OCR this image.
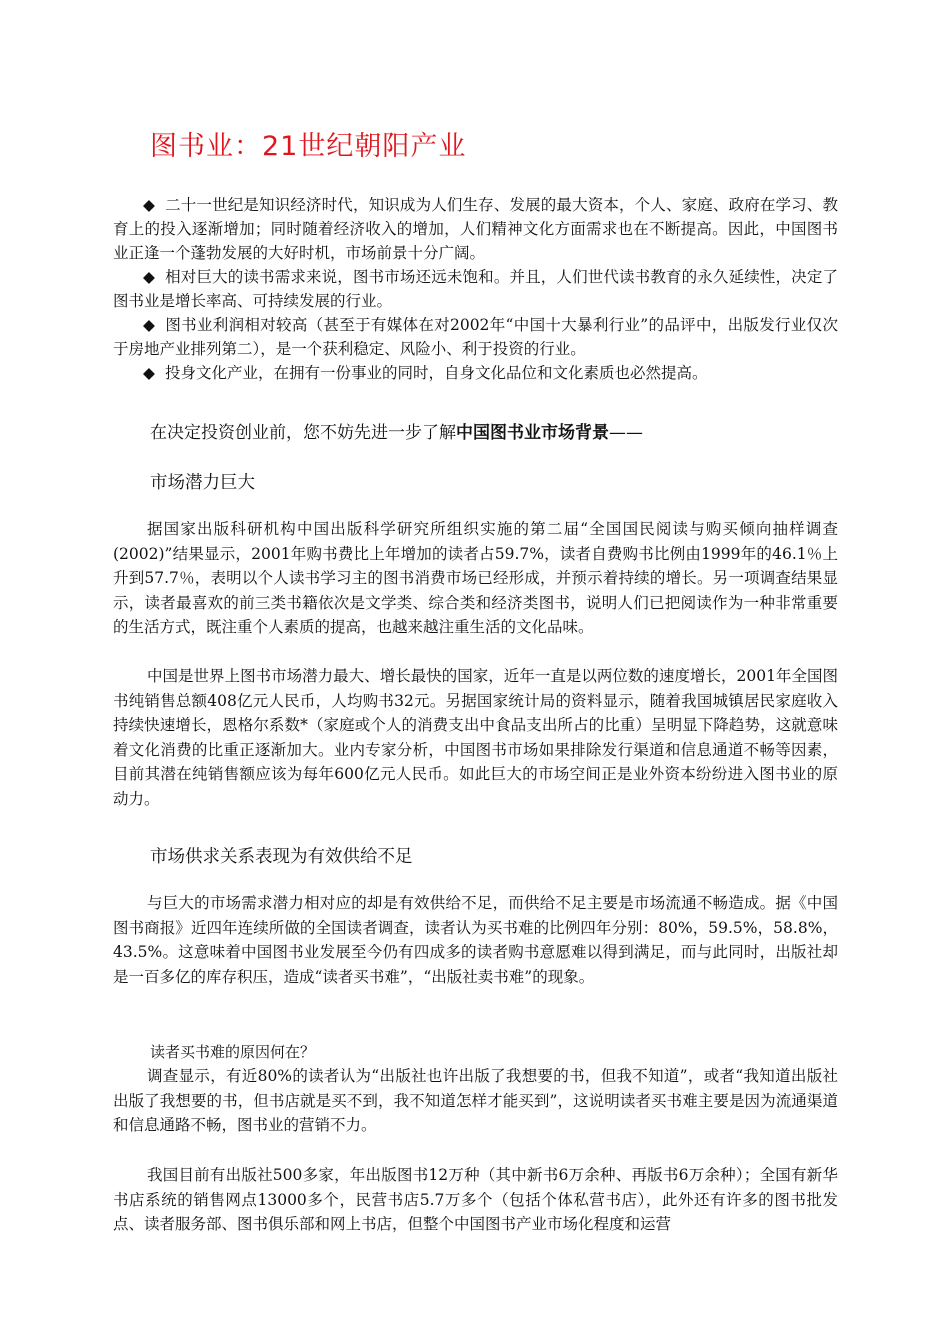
图书业：21世纪朝阳产业

◆ 二十一世纪是知识经济时代，知识成为人们生存、发展的最大资本，个人、家庭、政府在学习、教育上的投入逐渐增加；同时随着经济收入的增加，人们精神文化方面需求也在不断提高。因此，中国图书业正逢一个蓬勃发展的大好时机，市场前景十分广阔。

◆ 相对巨大的读书需求来说，图书市场还远未饱和。并且，人们世代读书教育的永久延续性，决定了图书业是增长率高、可持续发展的行业。

◆ 图书业利润相对较高（甚至于有媒体在对2002年“中国十大暴利行业”的品评中，出版发行业仅次于房地产业排列第二），是一个获利稳定、风险小、利于投资的行业。

◆ 投身文化产业，在拥有一份事业的同时，自身文化品位和文化素质也必然提高。

在决定投资创业前，您不妨先进一步了解中国图书业市场背景——
市场潜力巨大

据国家出版科研机构中国出版科学研究所组织实施的第二届“全国国民阅读与购买倾向抽样调查(2002)”结果显示，2001年购书费比上年增加的读者占59.7%，读者自费购书比例由1999年的46.1％上升到57.7％，表明以个人读书学习主的图书消费市场已经形成，并预示着持续的增长。另一项调查结果显示，读者最喜欢的前三类书籍依次是文学类、综合类和经济类图书，说明人们已把阅读作为一种非常重要的生活方式，既注重个人素质的提高，也越来越注重生活的文化品味。

中国是世界上图书市场潜力最大、增长最快的国家，近年一直是以两位数的速度增长，2001年全国图书纯销售总额408亿元人民币，人均购书32元。另据国家统计局的资料显示，随着我国城镇居民家庭收入持续快速增长，恩格尔系数*（家庭或个人的消费支出中食品支出所占的比重）呈明显下降趋势，这就意味着文化消费的比重正逐渐加大。业内专家分析，中国图书市场如果排除发行渠道和信息通道不畅等因素，目前其潜在纯销售额应该为每年600亿元人民币。如此巨大的市场空间正是业外资本纷纷进入图书业的原动力。

市场供求关系表现为有效供给不足

与巨大的市场需求潜力相对应的却是有效供给不足，而供给不足主要是市场流通不畅造成。据《中国图书商报》近四年连续所做的全国读者调查，读者认为买书难的比例四年分别：80%，59.5%，58.8%，43.5%。这意味着中国图书业发展至今仍有四成多的读者购书意愿难以得到满足，而与此同时，出版社却是一百多亿的库存积压，造成“读者买书难”，“出版社卖书难”的现象。

读者买书难的原因何在？

调查显示，有近80%的读者认为“出版社也许出版了我想要的书，但我不知道”，或者“我知道出版社出版了我想要的书，但书店就是买不到，我不知道怎样才能买到”，这说明读者买书难主要是因为流通渠道和信息通路不畅，图书业的营销不力。

我国目前有出版社500多家，年出版图书12万种（其中新书6万余种、再版书6万余种）；全国有新华书店系统的销售网点13000多个，民营书店5.7万多个（包括个体私营书店），此外还有许多的图书批发点、读者服务部、图书俱乐部和网上书店，但整个中国图书产业市场化程度和运营
